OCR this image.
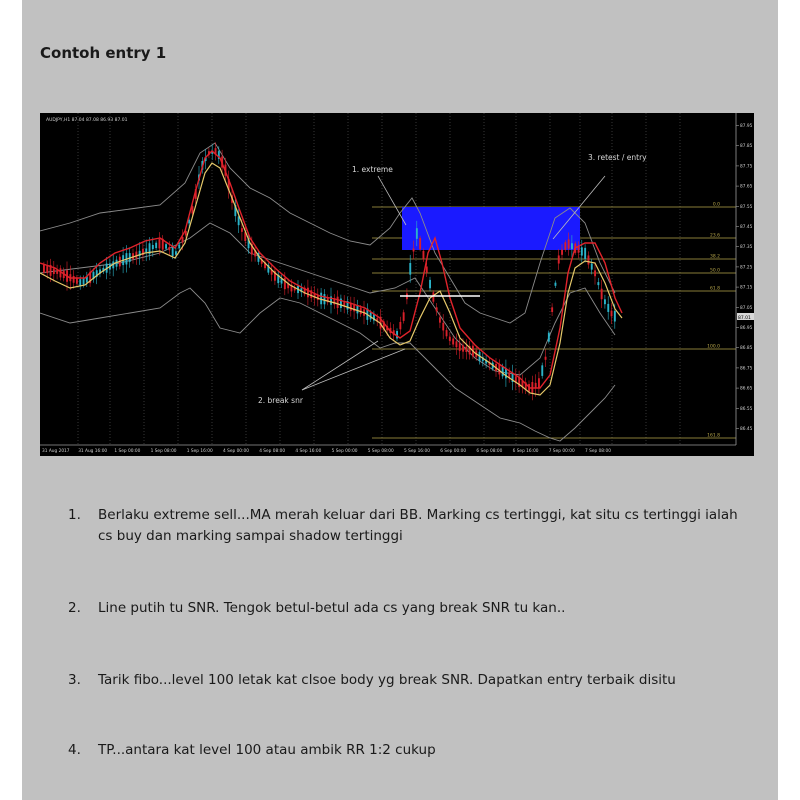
Contoh entry 1
0.0
23.6
38.2
50.0
61.8
100.0
161.8
AUDJPY,H1 87.04 87.08 86.93 87.01
1. extreme
2. break snr
3. retest / entry
87.95
87.85
87.75
87.65
87.55
87.45
87.35
87.25
87.15
87.05
86.95
86.85
86.75
86.65
86.55
86.45
87.01
31 Aug 2017 31 Aug 16:00 1 Sep 00:00 1 Sep 08:00 1 Sep 16:00 4 Sep 00:00 4 Sep 08:00 4 Sep 16:00 5 Sep 00:00 5 Sep 08:00 5 Sep 16:00 6 Sep 00:00 6 Sep 08:00 6 Sep 16:00 7 Sep 00:00 7 Sep 08:00
1. Berlaku extreme sell...MA merah keluar dari BB. Marking cs tertinggi, kat situ cs tertinggi ialah cs buy dan marking sampai shadow tertinggi
2. Line putih tu SNR. Tengok betul-betul ada cs yang break SNR tu kan..
3. Tarik fibo...level 100 letak kat clsoe body yg break SNR. Dapatkan entry terbaik disitu
4. TP...antara kat level 100 atau ambik RR 1:2 cukup
